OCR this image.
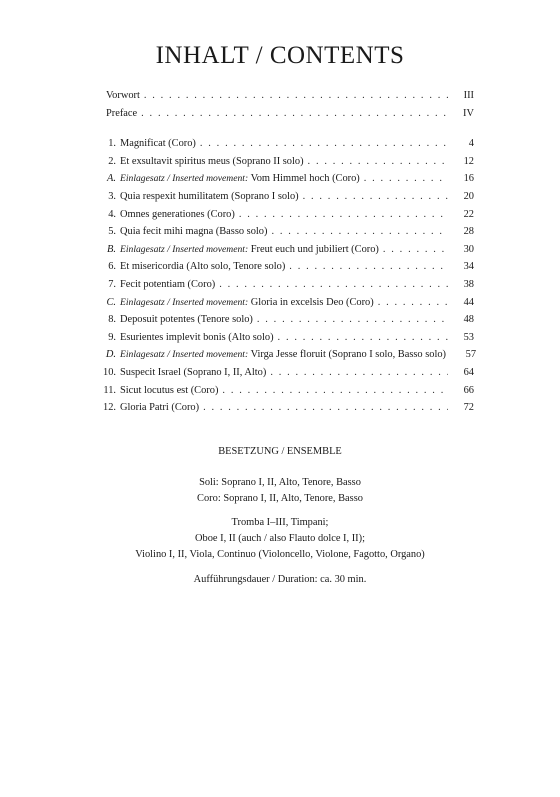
INHALT / CONTENTS
Vorwort . . .	III
Preface . . .	IV
1. Magnificat (Coro) . . .	4
2. Et exsultavit spiritus meus (Soprano II solo) . . .	12
A. Einlagesatz / Inserted movement: Vom Himmel hoch (Coro) . . .	16
3. Quia respexit humilitatem (Soprano I solo) . . .	20
4. Omnes generationes (Coro) . . .	22
5. Quia fecit mihi magna (Basso solo) . . .	28
B. Einlagesatz / Inserted movement: Freut euch und jubiliert (Coro) . . .	30
6. Et misericordia (Alto solo, Tenore solo) . . .	34
7. Fecit potentiam (Coro) . . .	38
C. Einlagesatz / Inserted movement: Gloria in excelsis Deo (Coro) . . .	44
8. Deposuit potentes (Tenore solo) . . .	48
9. Esurientes implevit bonis (Alto solo) . . .	53
D. Einlagesatz / Inserted movement: Virga Jesse floruit (Soprano I solo, Basso solo)	57
10. Suspecit Israel (Soprano I, II, Alto) . . .	64
11. Sicut locutus est (Coro) . . .	66
12. Gloria Patri (Coro) . . .	72
BESETZUNG / ENSEMBLE
Soli: Soprano I, II, Alto, Tenore, Basso
Coro: Soprano I, II, Alto, Tenore, Basso
Tromba I–III, Timpani;
Oboe I, II (auch / also Flauto dolce I, II);
Violino I, II, Viola, Continuo (Violoncello, Violone, Fagotto, Organo)
Aufführungsdauer / Duration: ca. 30 min.
